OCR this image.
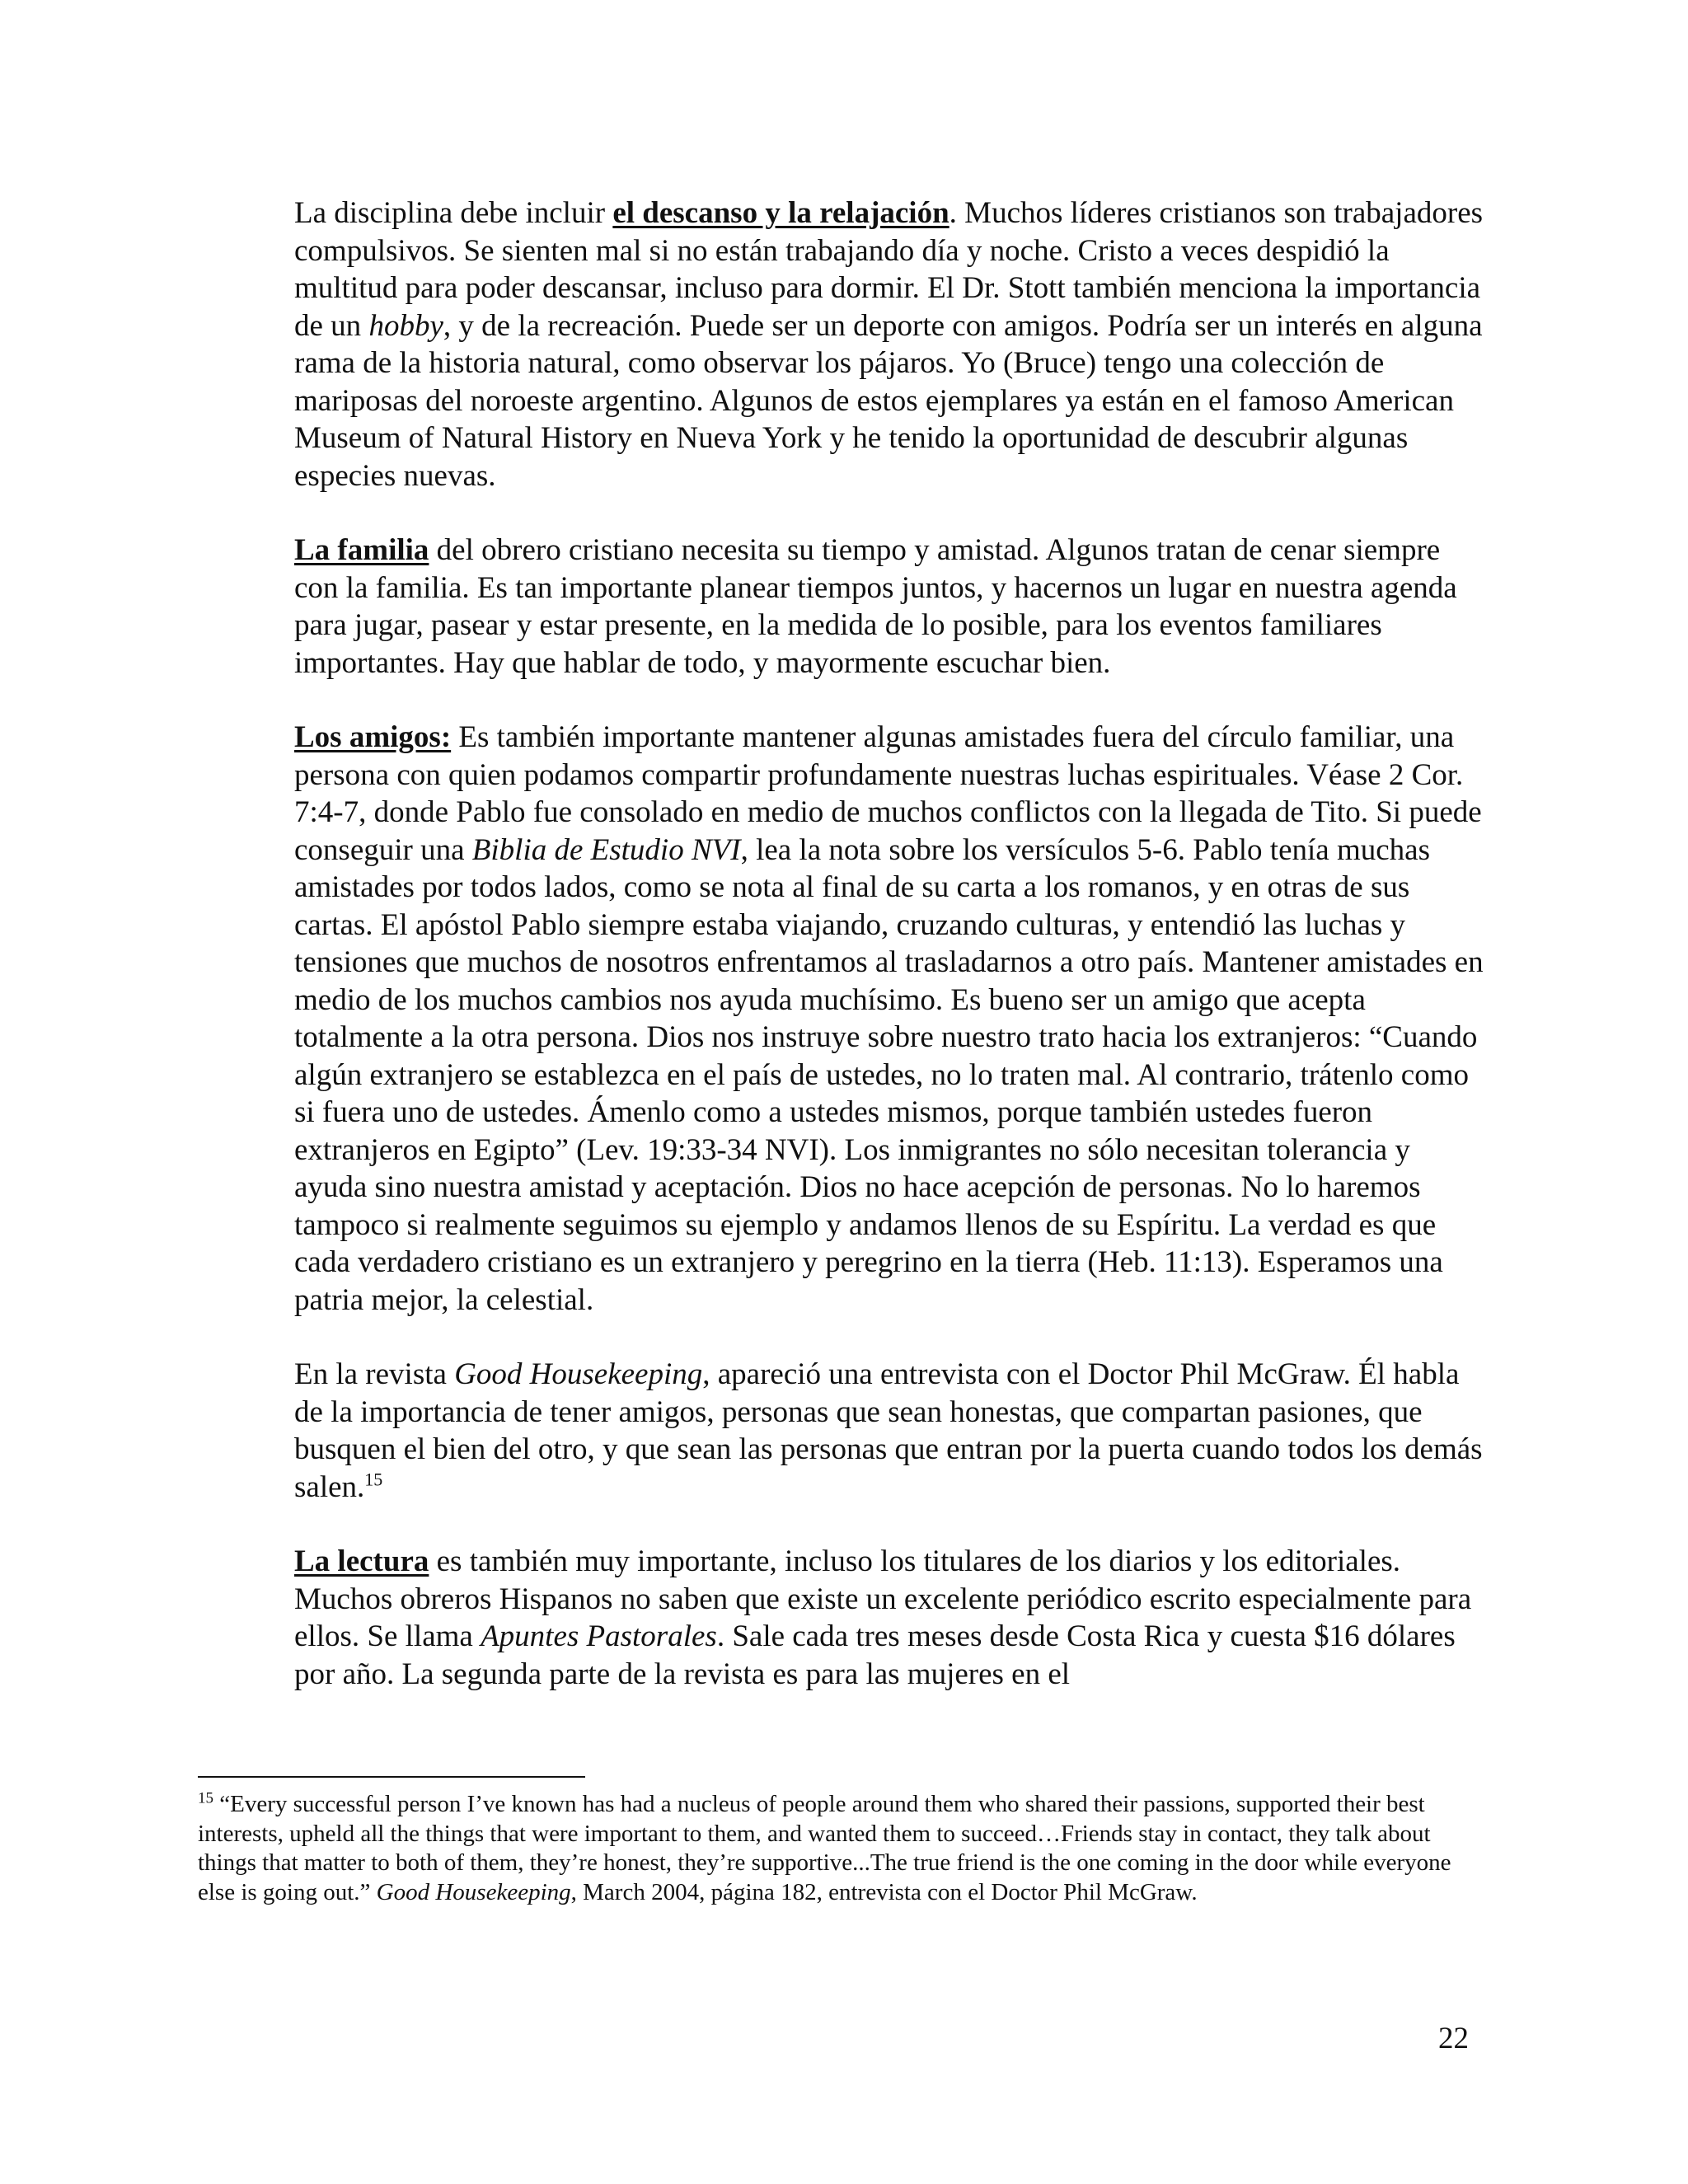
La disciplina debe incluir el descanso y la relajación. Muchos líderes cristianos son trabajadores compulsivos. Se sienten mal si no están trabajando día y noche. Cristo a veces despidió la multitud para poder descansar, incluso para dormir. El Dr. Stott también menciona la importancia de un hobby, y de la recreación. Puede ser un deporte con amigos. Podría ser un interés en alguna rama de la historia natural, como observar los pájaros. Yo (Bruce) tengo una colección de mariposas del noroeste argentino. Algunos de estos ejemplares ya están en el famoso American Museum of Natural History en Nueva York y he tenido la oportunidad de descubrir algunas especies nuevas.

La familia del obrero cristiano necesita su tiempo y amistad. Algunos tratan de cenar siempre con la familia. Es tan importante planear tiempos juntos, y hacernos un lugar en nuestra agenda para jugar, pasear y estar presente, en la medida de lo posible, para los eventos familiares importantes. Hay que hablar de todo, y mayormente escuchar bien.

Los amigos: Es también importante mantener algunas amistades fuera del círculo familiar, una persona con quien podamos compartir profundamente nuestras luchas espirituales. Véase 2 Cor. 7:4-7, donde Pablo fue consolado en medio de muchos conflictos con la llegada de Tito. Si puede conseguir una Biblia de Estudio NVI, lea la nota sobre los versículos 5-6. Pablo tenía muchas amistades por todos lados, como se nota al final de su carta a los romanos, y en otras de sus cartas. El apóstol Pablo siempre estaba viajando, cruzando culturas, y entendió las luchas y tensiones que muchos de nosotros enfrentamos al trasladarnos a otro país. Mantener amistades en medio de los muchos cambios nos ayuda muchísimo. Es bueno ser un amigo que acepta totalmente a la otra persona. Dios nos instruye sobre nuestro trato hacia los extranjeros: “Cuando algún extranjero se establezca en el país de ustedes, no lo traten mal. Al contrario, trátenlo como si fuera uno de ustedes. Ámenlo como a ustedes mismos, porque también ustedes fueron extranjeros en Egipto” (Lev. 19:33-34 NVI). Los inmigrantes no sólo necesitan tolerancia y ayuda sino nuestra amistad y aceptación. Dios no hace acepción de personas. No lo haremos tampoco si realmente seguimos su ejemplo y andamos llenos de su Espíritu. La verdad es que cada verdadero cristiano es un extranjero y peregrino en la tierra (Heb. 11:13). Esperamos una patria mejor, la celestial.

En la revista Good Housekeeping, apareció una entrevista con el Doctor Phil McGraw. Él habla de la importancia de tener amigos, personas que sean honestas, que compartan pasiones, que busquen el bien del otro, y que sean las personas que entran por la puerta cuando todos los demás salen.$^{15}$

La lectura es también muy importante, incluso los titulares de los diarios y los editoriales. Muchos obreros Hispanos no saben que existe un excelente periódico escrito especialmente para ellos. Se llama Apuntes Pastorales. Sale cada tres meses desde Costa Rica y cuesta $16 dólares por año. La segunda parte de la revista es para las mujeres en el

$^{15}$ “Every successful person I’ve known has had a nucleus of people around them who shared their passions, supported their best interests, upheld all the things that were important to them, and wanted them to succeed…Friends stay in contact, they talk about things that matter to both of them, they’re honest, they’re supportive...The true friend is the one coming in the door while everyone else is going out.” Good Housekeeping, March 2004, página 182, entrevista con el Doctor Phil McGraw.
22
